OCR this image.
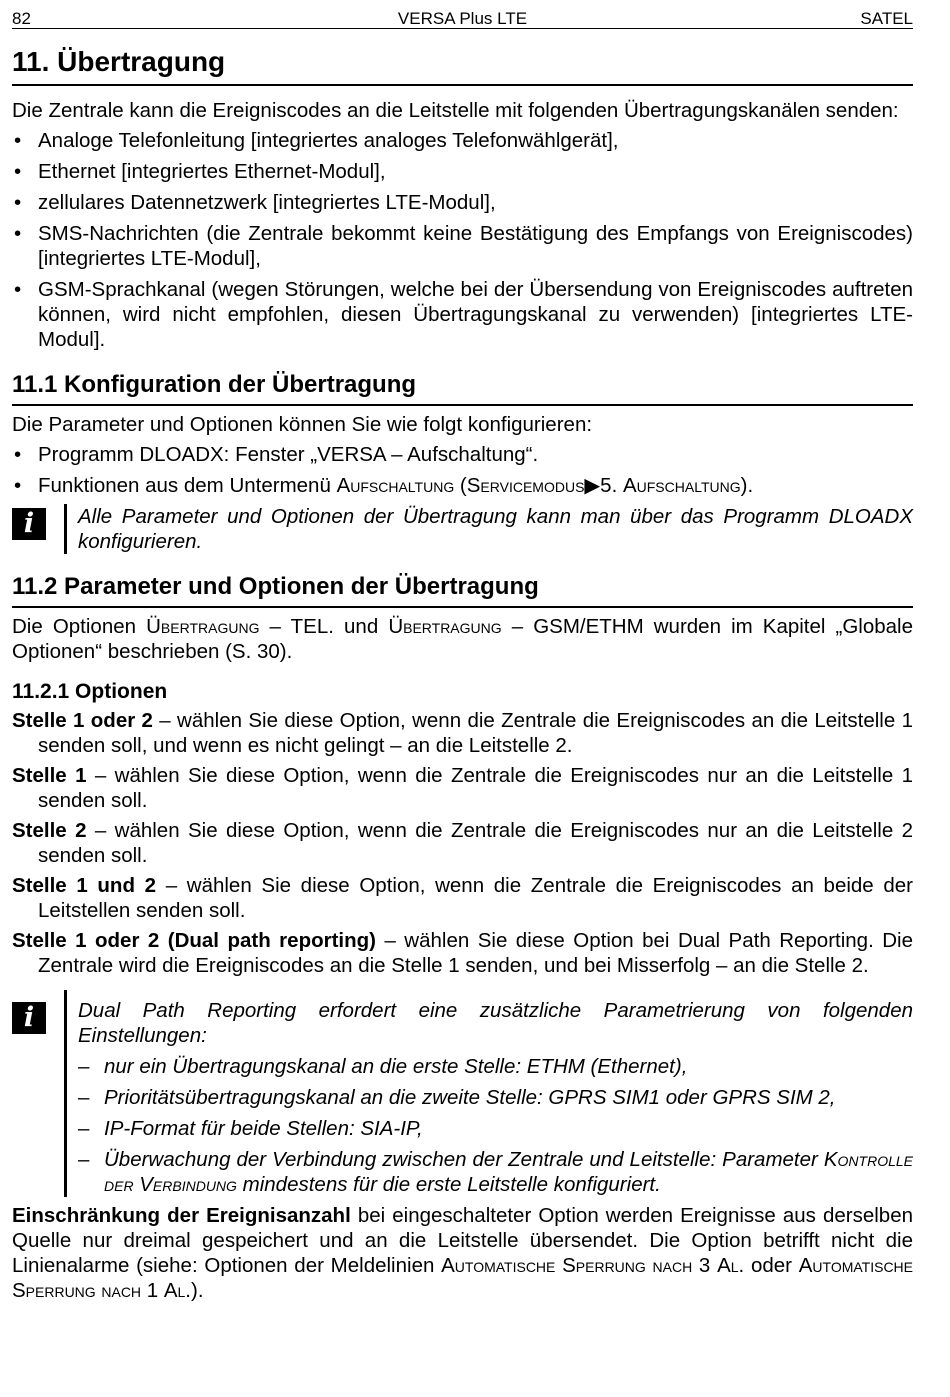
82	VERSA Plus LTE	SATEL
11. Übertragung

Die Zentrale kann die Ereigniscodes an die Leitstelle mit folgenden Übertragungskanälen senden:

• Analoge Telefonleitung [integriertes analoges Telefonwählgerät],
• Ethernet [integriertes Ethernet-Modul],
• zellulares Datennetzwerk [integriertes LTE-Modul],
• SMS-Nachrichten (die Zentrale bekommt keine Bestätigung des Empfangs von Ereigniscodes) [integriertes LTE-Modul],
• GSM-Sprachkanal (wegen Störungen, welche bei der Übersendung von Ereigniscodes auftreten können, wird nicht empfohlen, diesen Übertragungskanal zu verwenden) [integriertes LTE-Modul].
11.1 Konfiguration der Übertragung

Die Parameter und Optionen können Sie wie folgt konfigurieren:

• Programm DLOADX: Fenster „VERSA – Aufschaltung“.
• Funktionen aus dem Untermenü Aufschaltung (Servicemodus▶5. Aufschaltung).
i	Alle Parameter und Optionen der Übertragung kann man über das Programm DLOADX konfigurieren.

11.2 Parameter und Optionen der Übertragung

Die Optionen Übertragung – TEL. und Übertragung – GSM/ETHM wurden im Kapitel „Globale Optionen“ beschrieben (S. 30).

11.2.1 Optionen

Stelle 1 oder 2 – wählen Sie diese Option, wenn die Zentrale die Ereigniscodes an die Leitstelle 1 senden soll, und wenn es nicht gelingt – an die Leitstelle 2.

Stelle 1 – wählen Sie diese Option, wenn die Zentrale die Ereigniscodes nur an die Leitstelle 1 senden soll.

Stelle 2 – wählen Sie diese Option, wenn die Zentrale die Ereigniscodes nur an die Leitstelle 2 senden soll.

Stelle 1 und 2 – wählen Sie diese Option, wenn die Zentrale die Ereigniscodes an beide der Leitstellen senden soll.

Stelle 1 oder 2 (Dual path reporting) – wählen Sie diese Option bei Dual Path Reporting. Die Zentrale wird die Ereigniscodes an die Stelle 1 senden, und bei Misserfolg – an die Stelle 2.

i	Dual Path Reporting erfordert eine zusätzliche Parametrierung von folgenden Einstellungen:

– nur ein Übertragungskanal an die erste Stelle: ETHM (Ethernet),
– Prioritätsübertragungskanal an die zweite Stelle: GPRS SIM1 oder GPRS SIM 2,
– IP-Format für beide Stellen: SIA-IP,
– Überwachung der Verbindung zwischen der Zentrale und Leitstelle: Parameter Kontrolle der Verbindung mindestens für die erste Leitstelle konfiguriert.

Einschränkung der Ereignisanzahl bei eingeschalteter Option werden Ereignisse aus derselben Quelle nur dreimal gespeichert und an die Leitstelle übersendet. Die Option betrifft nicht die Linienalarme (siehe: Optionen der Meldelinien Automatische Sperrung nach 3 Al. oder Automatische Sperrung nach 1 Al.).
